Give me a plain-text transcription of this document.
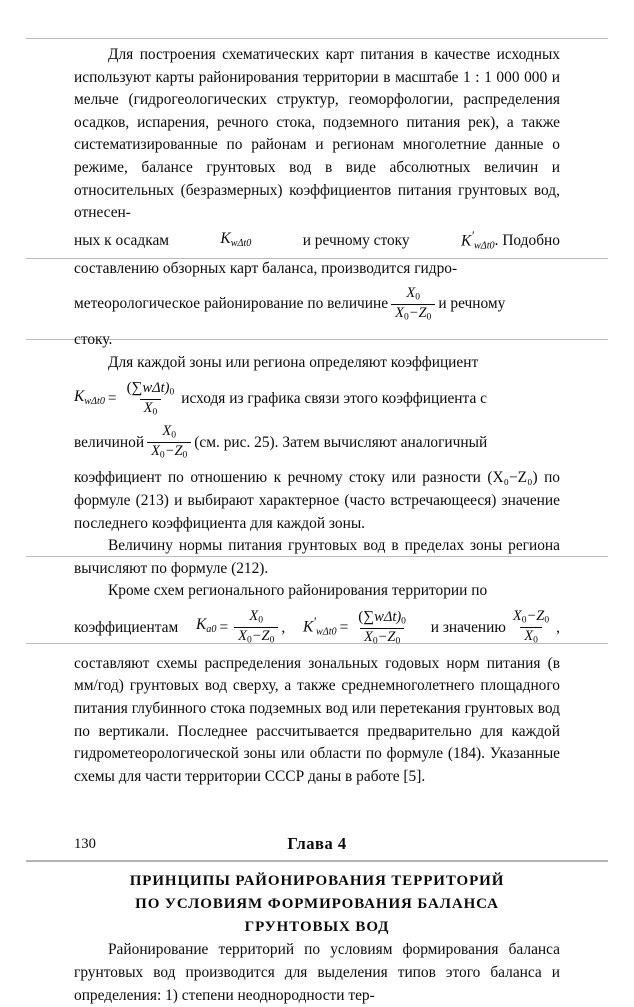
Для построения схематических карт питания в качестве исходных используют карты районирования территории в масштабе 1 : 1 000 000 и мельче (гидрогеологических структур, геоморфологии, распределения осадков, испарения, речного стока, подземного питания рек), а также систематизированные по районам и регионам многолетние данные о режиме, балансе грунтовых вод в виде абсолютных величин и относительных (безразмерных) коэффициентов питания грунтовых вод, отнесен-

ных к осадкам	$K_{w\Delta t0}$	и речному стоку	$K'_{w\Delta t0}$ . Подобно

составлению обзорных карт баланса, производится гидро-

метеорологическое районирование по величине $\frac{X_0}{X_0-Z_0}$ и речному

стоку.

Для каждой зоны или региона определяют коэффициент

$K_{w\Delta t0} = \frac{(\sum w\Delta t)_0}{X_0}$ исходя из графика связи этого коэффициента с
величиной $\frac{X_0}{X_0-Z_0} (см$. рис. 25). Затем вычисляют аналогичный

коэффициент по отношению к речному стоку или разности (X₀−Z₀) по формуле (213) и выбирают характерное (часто встречающееся) значение последнего коэффициента для каждой зоны.

Величину нормы питания грунтовых вод в пределах зоны региона вычисляют по формуле (212).

Кроме схем регионального районирования территории по

коэффициентам $K_{a0} = \frac{X_0}{X_0-Z_0}$ , $K'_{w\Delta t0} = \frac{(\sum w\Delta t)_0}{X_0-Z_0}$ и значению $\frac{X_0-Z_0}{X_0}$ ,

составляют схемы распределения зональных годовых норм питания (в мм/год) грунтовых вод сверху, а также среднемноголетнего площадного питания глубинного стока подземных вод или перетекания грунтовых вод по вертикали. Последнее рассчитывается предварительно для каждой гидрометеорологической зоны или области по формуле (184). Указанные схемы для части территории СССР даны в работе [5].

Глава 4
ПРИНЦИПЫ РАЙОНИРОВАНИЯ ТЕРРИТОРИЙ
ПО УСЛОВИЯМ ФОРМИРОВАНИЯ БАЛАНСА
ГРУНТОВЫХ ВОД

Районирование территорий по условиям формирования баланса грунтовых вод производится для выделения типов этого баланса и определения: 1) степени неоднородности тер-

130
